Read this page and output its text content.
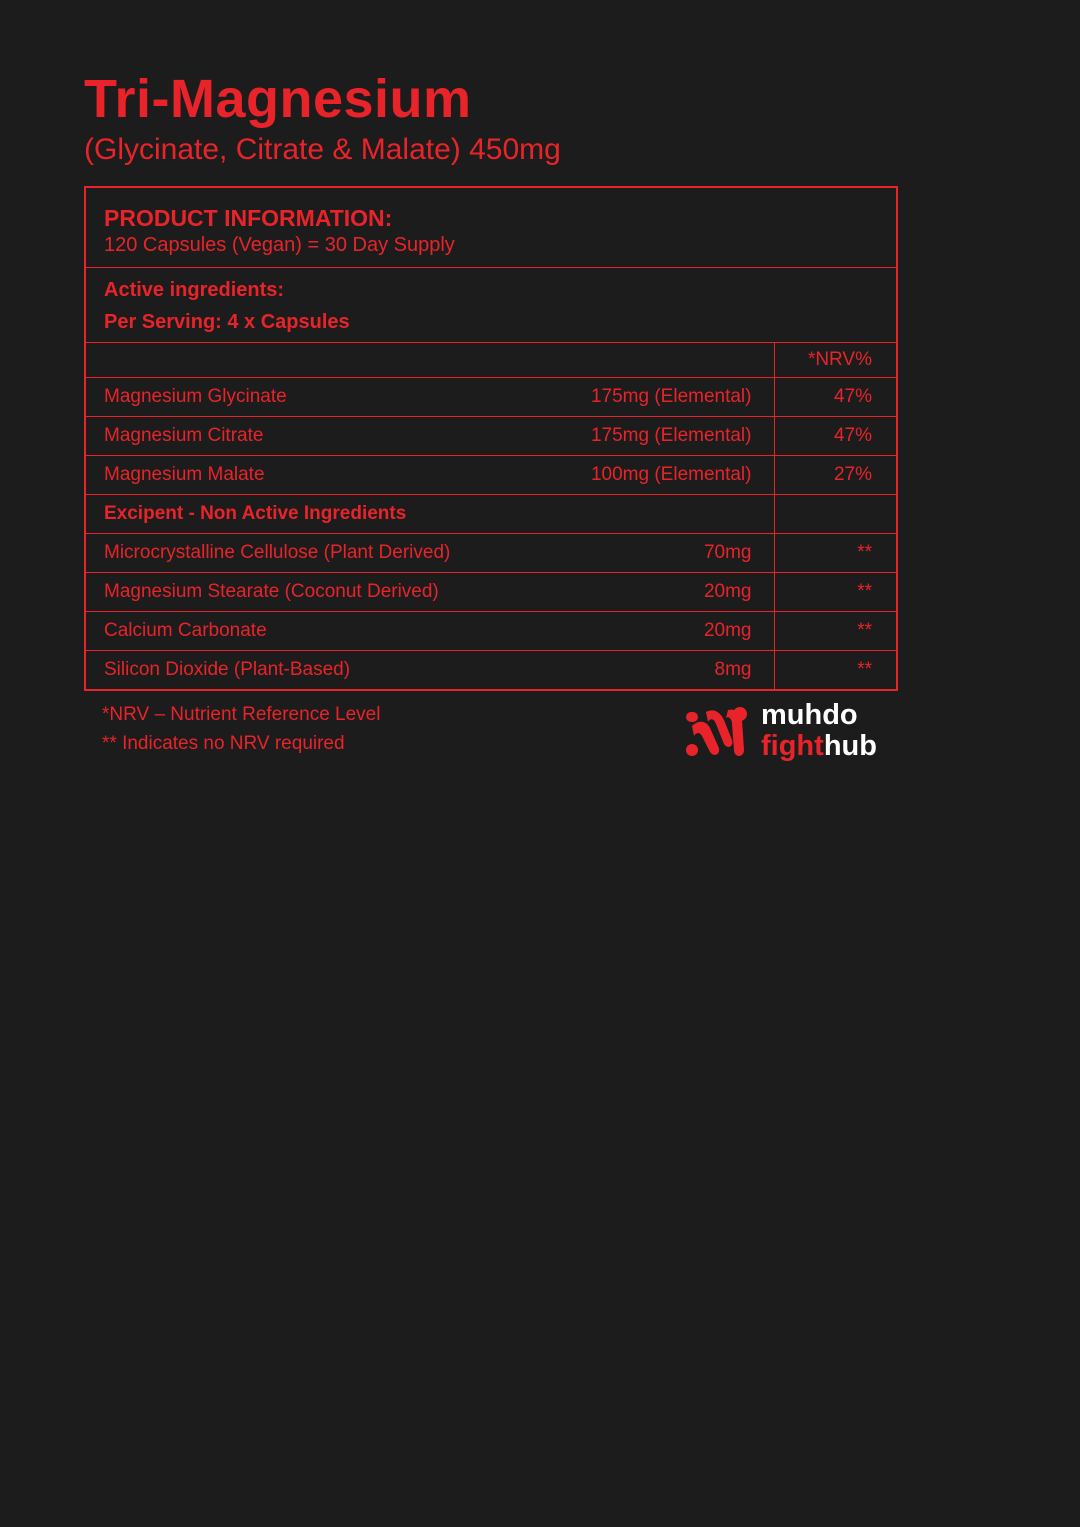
Tri-Magnesium

(Glycinate, Citrate & Malate) 450mg

PRODUCT INFORMATION:
120 Capsules (Vegan) = 30 Day Supply
Active ingredients:
Per Serving: 4 x Capsules
		*NRV%
Magnesium Glycinate	175mg (Elemental)	47%
Magnesium Citrate	175mg (Elemental)	47%
Magnesium Malate	100mg (Elemental)	27%
Excipent - Non Active Ingredients		
Microcrystalline Cellulose (Plant Derived)	70mg	**
Magnesium Stearate (Coconut Derived)	20mg	**
Calcium Carbonate	20mg	**
Silicon Dioxide (Plant-Based)	8mg	**
*NRV – Nutrient Reference Level
** Indicates no NRV required
muhdo
fighthub
